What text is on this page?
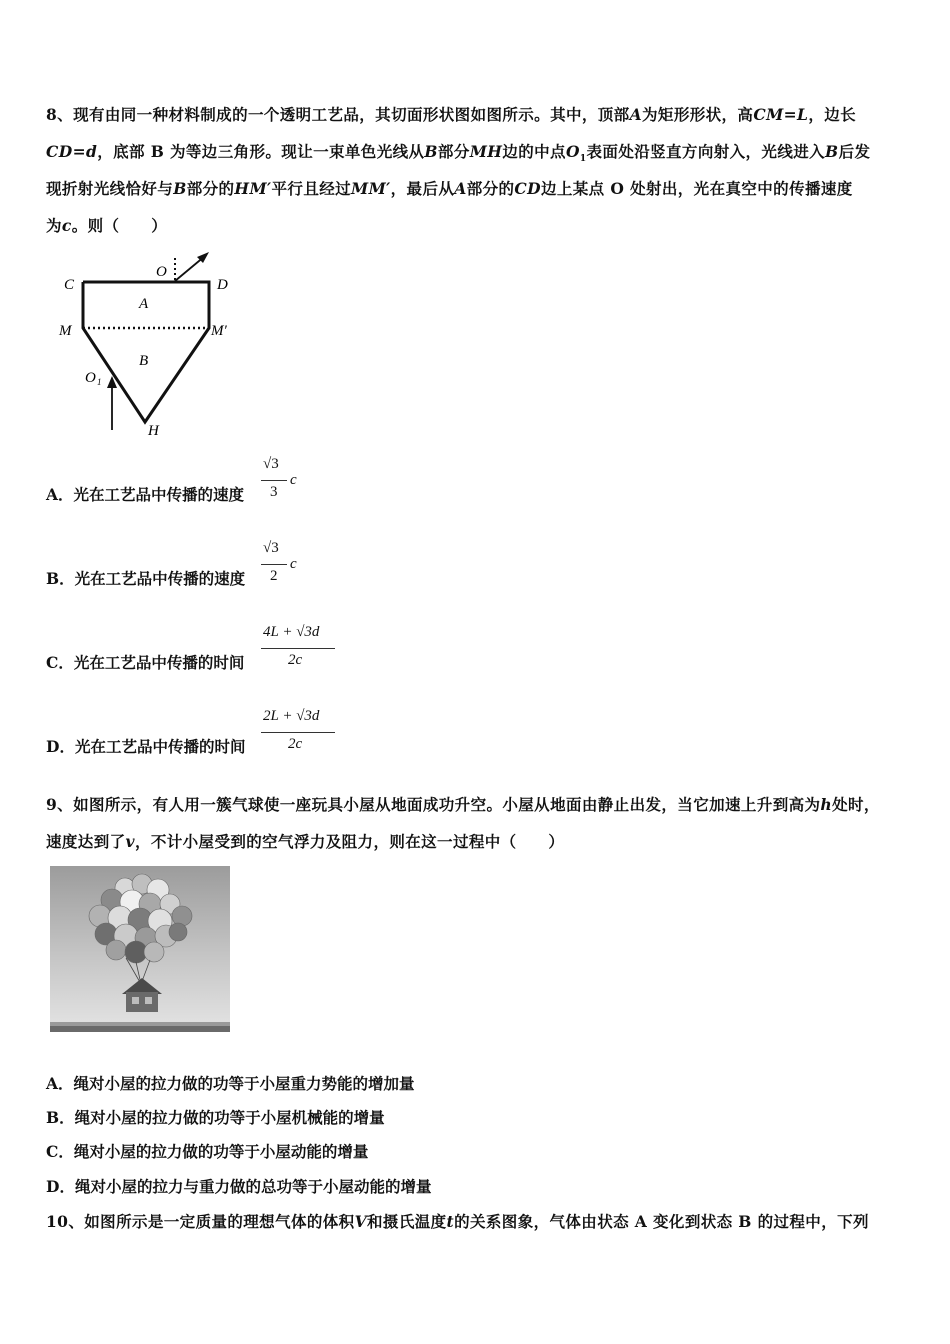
8、现有由同一种材料制成的一个透明工艺品，其切面形状图如图所示。其中，顶部A为矩形形状，高CM=L，边长
CD=d，底部 B 为等边三角形。现让一束单色光线从B部分MH边的中点$O_1$表面处沿竖直方向射入，光线进入B后发
现折射光线恰好与B部分的HM′平行且经过MM′，最后从A部分的CD边上某点 O 处射出，光在真空中的传播速度
为c。则（　　）
C	D
M	M′
A
B
O
O 1
H
A．光在工艺品中传播的速度
√3
3
c
B．光在工艺品中传播的速度
√3
2
c
C．光在工艺品中传播的时间
4L + √3d
2c
D．光在工艺品中传播的时间
2L + √3d
2c
9、如图所示，有人用一簇气球使一座玩具小屋从地面成功升空。小屋从地面由静止出发，当它加速上升到高为h处时，
速度达到了v，不计小屋受到的空气浮力及阻力，则在这一过程中（　　）
A．绳对小屋的拉力做的功等于小屋重力势能的增加量
B．绳对小屋的拉力做的功等于小屋机械能的增量
C．绳对小屋的拉力做的功等于小屋动能的增量
D．绳对小屋的拉力与重力做的总功等于小屋动能的增量
10、如图所示是一定质量的理想气体的体积V和摄氏温度t的关系图象，气体由状态 A 变化到状态 B 的过程中，下列
